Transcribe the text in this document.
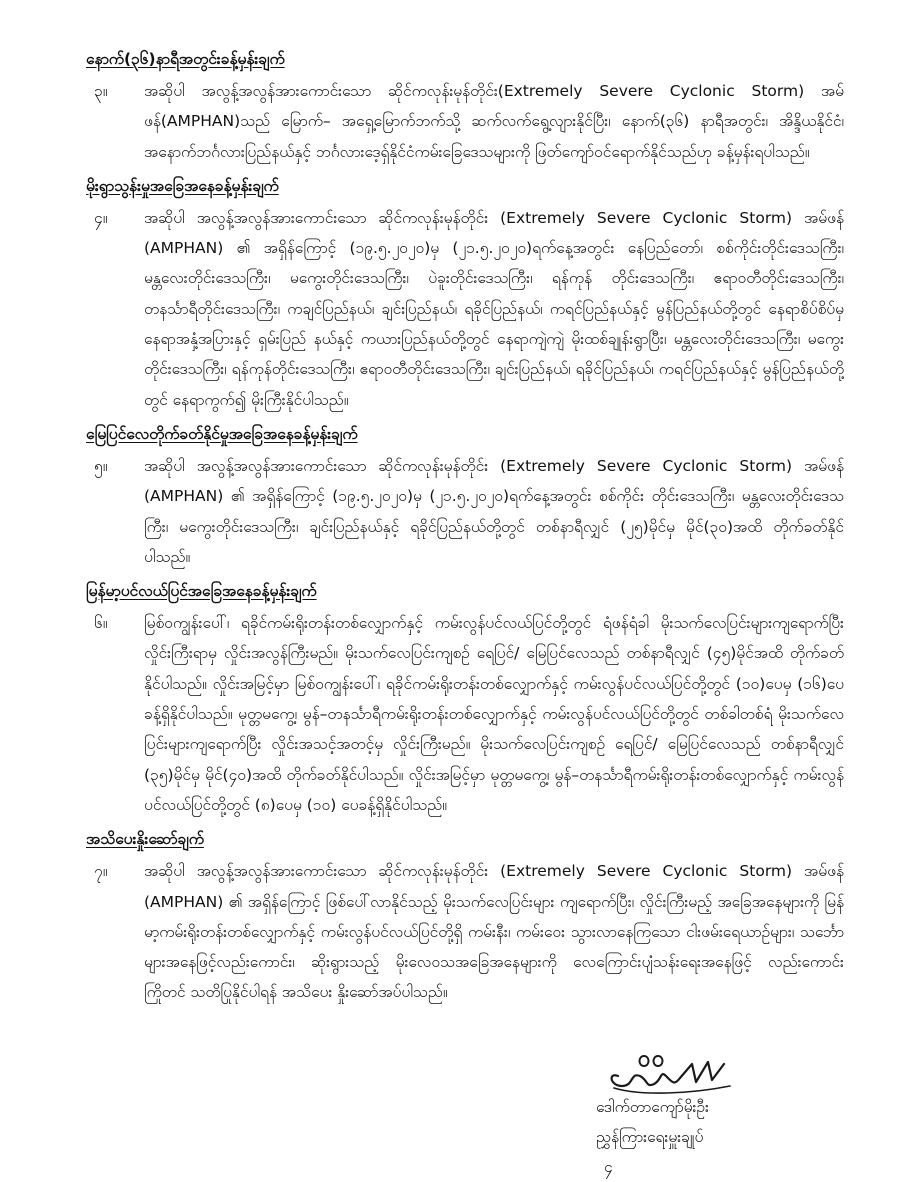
နောက်(၃၆)နာရီအတွင်းခန့်မှန်းချက်
၃။	အဆိုပါ အလွန့်အလွန်အားကောင်းသော ဆိုင်ကလုန်းမုန်တိုင်း(Extremely Severe Cyclonic Storm) အမ်ဖန်(AMPHAN)သည် မြောက်– အရှေ့မြောက်ဘက်သို့ ဆက်လက်ရွေ့လျားနိုင်ပြီး၊ နောက်(၃၆) နာရီအတွင်း၊ အိန္ဒိယနိုင်ငံ၊ အနောက်ဘင်္ဂလားပြည်နယ်နှင့် ဘင်္ဂလားဒေ့ရှ်နိုင်ငံကမ်းခြေဒေသများကို ဖြတ်ကျော်ဝင်ရောက်နိုင်သည်ဟု ခန့်မှန်းရပါသည်။
မိုးရွာသွန်းမှုအခြေအနေခန့်မှန်းချက်
၄။	အဆိုပါ အလွန့်အလွန်အားကောင်းသော ဆိုင်ကလုန်းမုန်တိုင်း (Extremely Severe Cyclonic Storm) အမ်ဖန် (AMPHAN) ၏ အရှိန်ကြောင့် (၁၉.၅.၂၀၂၀)မှ (၂၁.၅.၂၀၂၀)ရက်နေ့အတွင်း နေပြည်တော်၊ စစ်ကိုင်းတိုင်းဒေသကြီး၊ မန္တလေးတိုင်းဒေသကြီး၊ မကွေးတိုင်းဒေသကြီး၊ ပဲခူးတိုင်းဒေသကြီး၊ ရန်ကုန် တိုင်းဒေသကြီး၊ ဧရာဝတီတိုင်းဒေသကြီး၊ တနင်္သာရီတိုင်းဒေသကြီး၊ ကချင်ပြည်နယ်၊ ချင်းပြည်နယ်၊ ရခိုင်ပြည်နယ်၊ ကရင်ပြည်နယ်နှင့် မွန်ပြည်နယ်တို့တွင် နေရာစိပ်စိပ်မှ နေရာအနှံ့အပြားနှင့် ရှမ်းပြည် နယ်နှင့် ကယားပြည်နယ်တို့တွင် နေရာကျဲကျဲ မိုးထစ်ချုန်းရွာပြီး၊ မန္တလေးတိုင်းဒေသကြီး၊ မကွေး တိုင်းဒေသကြီး၊ ရန်ကုန်တိုင်းဒေသကြီး၊ ဧရာဝတီတိုင်းဒေသကြီး၊ ချင်းပြည်နယ်၊ ရခိုင်ပြည်နယ်၊ ကရင်ပြည်နယ်နှင့် မွန်ပြည်နယ်တို့တွင် နေရာကွက်၍ မိုးကြီးနိုင်ပါသည်။
မြေပြင်လေတိုက်ခတ်နိုင်မှုအခြေအနေခန့်မှန်းချက်
၅။	အဆိုပါ အလွန့်အလွန်အားကောင်းသော ဆိုင်ကလုန်းမုန်တိုင်း (Extremely Severe Cyclonic Storm) အမ်ဖန် (AMPHAN) ၏ အရှိန်ကြောင့် (၁၉.၅.၂၀၂၀)မှ (၂၁.၅.၂၀၂၀)ရက်နေ့အတွင်း စစ်ကိုင်း တိုင်းဒေသကြီး၊ မန္တလေးတိုင်းဒေသကြီး၊ မကွေးတိုင်းဒေသကြီး၊ ချင်းပြည်နယ်နှင့် ရခိုင်ပြည်နယ်တို့တွင် တစ်နာရီလျှင် (၂၅)မိုင်မှ မိုင်(၃၀)အထိ တိုက်ခတ်နိုင်ပါသည်။
မြန်မာ့ပင်လယ်ပြင်အခြေအနေခန့်မှန်းချက်
၆။	မြစ်ဝကျွန်းပေါ်၊ ရခိုင်ကမ်းရိုးတန်းတစ်လျှောက်နှင့် ကမ်းလွန်ပင်လယ်ပြင်တို့တွင် ရံဖန်ရံခါ မိုးသက်လေပြင်းများကျရောက်ပြီး လှိုင်းကြီးရာမှ လှိုင်းအလွန်ကြီးမည်။ မိုးသက်လေပြင်းကျစဉ် ရေပြင်/ မြေပြင်လေသည် တစ်နာရီလျှင် (၄၅)မိုင်အထိ တိုက်ခတ်နိုင်ပါသည်။ လှိုင်းအမြင့်မှာ မြစ်ဝကျွန်းပေါ်၊ ရခိုင်ကမ်းရိုးတန်းတစ်လျှောက်နှင့် ကမ်းလွန်ပင်လယ်ပြင်တို့တွင် (၁၀)ပေမှ (၁၆)ပေ ခန့်ရှိနိုင်ပါသည်။ မုတ္တမကွေ့၊ မွန်–တနင်္သာရီကမ်းရိုးတန်းတစ်လျှောက်နှင့် ကမ်းလွန်ပင်လယ်ပြင်တို့တွင် တစ်ခါတစ်ရံ မိုးသက်လေပြင်းများကျရောက်ပြီး လှိုင်းအသင့်အတင့်မှ လှိုင်းကြီးမည်။ မိုးသက်လေပြင်းကျစဉ် ရေပြင်/ မြေပြင်လေသည် တစ်နာရီလျှင် (၃၅)မိုင်မှ မိုင်(၄၀)အထိ တိုက်ခတ်နိုင်ပါသည်။ လှိုင်းအမြင့်မှာ မုတ္တမကွေ့၊ မွန်–တနင်္သာရီကမ်းရိုးတန်းတစ်လျှောက်နှင့် ကမ်းလွန်ပင်လယ်ပြင်တို့တွင် (၈)ပေမှ (၁၀) ပေခန့်ရှိနိုင်ပါသည်။
အသိပေးနှိုးဆော်ချက်
၇။	အဆိုပါ အလွန့်အလွန်အားကောင်းသော ဆိုင်ကလုန်းမုန်တိုင်း (Extremely Severe Cyclonic Storm) အမ်ဖန် (AMPHAN) ၏ အရှိန်ကြောင့် ဖြစ်ပေါ်လာနိုင်သည့် မိုးသက်လေပြင်းများ ကျရောက်ပြီး၊ လှိုင်းကြီးမည့် အခြေအနေများကို မြန်မာ့ကမ်းရိုးတန်းတစ်လျှောက်နှင့် ကမ်းလွန်ပင်လယ်ပြင်တို့ရှိ ကမ်းနီး၊ ကမ်းဝေး သွားလာနေကြသော ငါးဖမ်းရေယာဉ်များ၊ သင်္ဘောများအနေဖြင့်လည်းကောင်း၊ ဆိုးရွားသည့် မိုးလေဝသအခြေအနေများကို လေကြောင်းပျံသန်းရေးအနေဖြင့် လည်းကောင်း ကြိုတင် သတိပြုနိုင်ပါရန် အသိပေး နှိုးဆော်အပ်ပါသည်။
ဒေါက်တာကျော်မိုးဦး
ညွှန်ကြားရေးမှူးချုပ်
၄
